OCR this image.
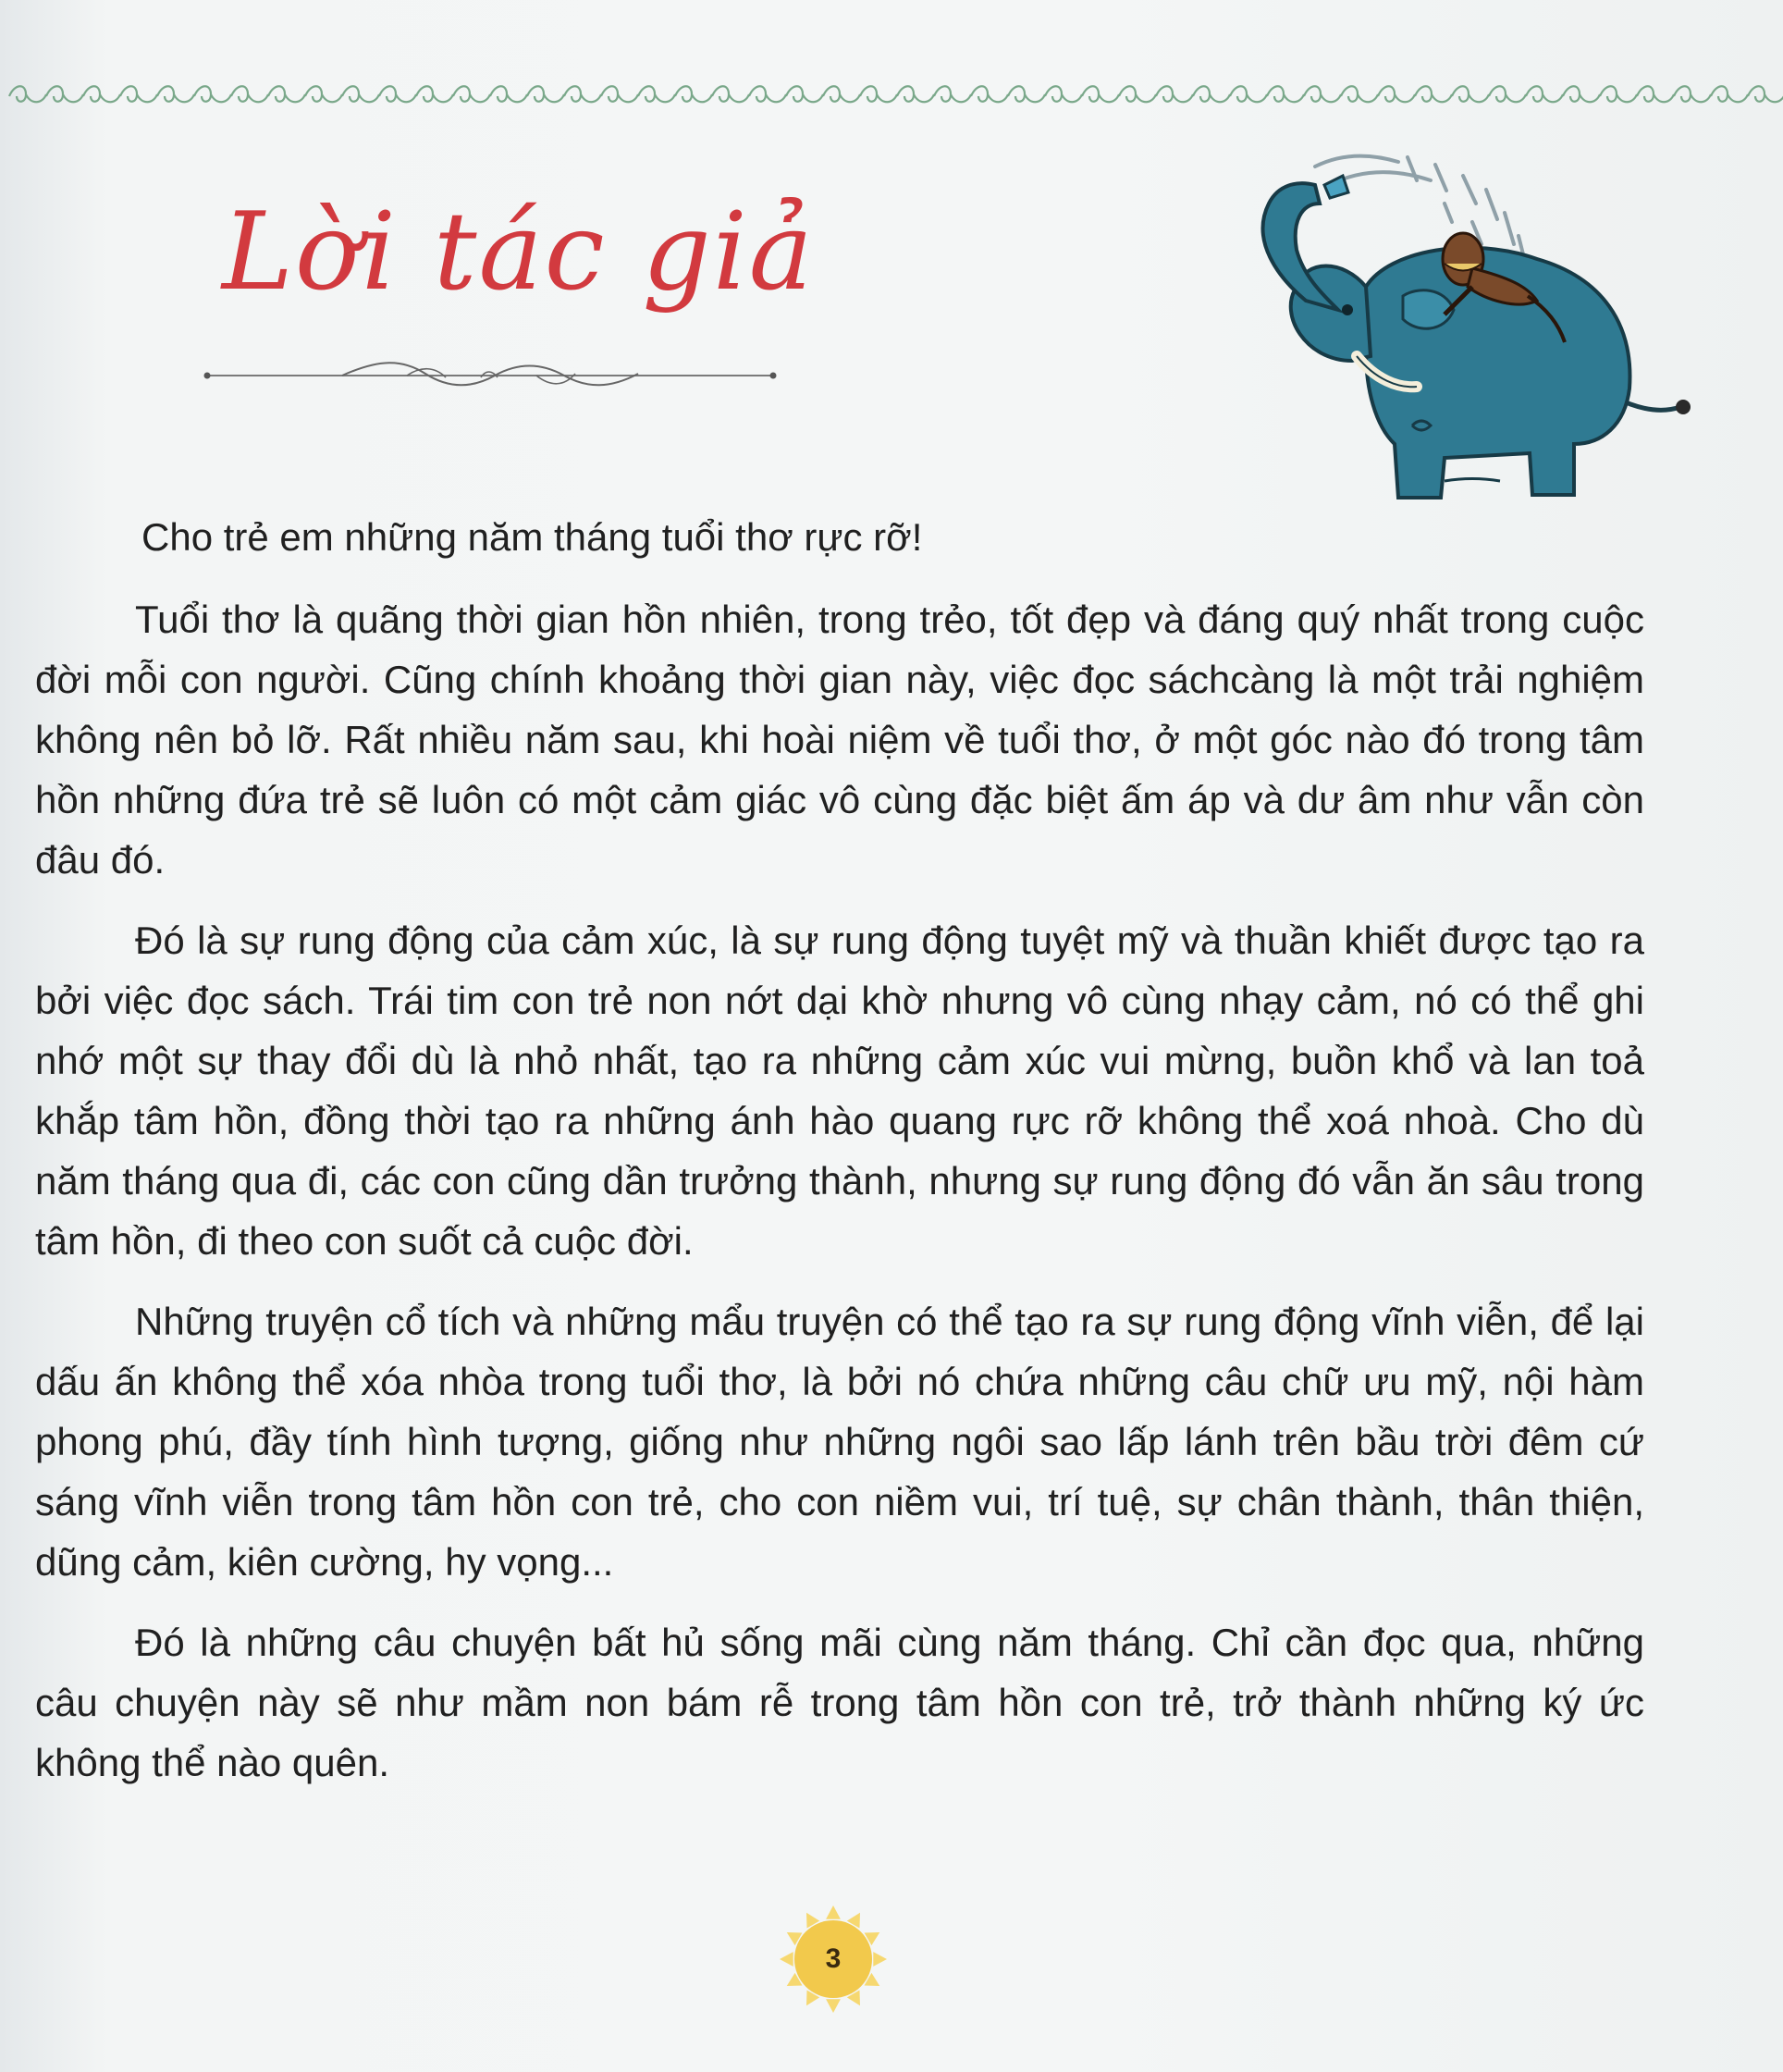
Lời tác giả

Cho trẻ em những năm tháng tuổi thơ rực rỡ!

Tuổi thơ là quãng thời gian hồn nhiên, trong trẻo, tốt đẹp và đáng quý nhất trong cuộc đời mỗi con người. Cũng chính khoảng thời gian này, việc đọc sáchcàng là một trải nghiệm không nên bỏ lỡ. Rất nhiều năm sau, khi hoài niệm về tuổi thơ, ở một góc nào đó trong tâm hồn những đứa trẻ sẽ luôn có một cảm giác vô cùng đặc biệt ấm áp và dư âm như vẫn còn đâu đó.

Đó là sự rung động của cảm xúc, là sự rung động tuyệt mỹ và thuần khiết được tạo ra bởi việc đọc sách. Trái tim con trẻ non nớt dại khờ nhưng vô cùng nhạy cảm, nó có thể ghi nhớ một sự thay đổi dù là nhỏ nhất, tạo ra những cảm xúc vui mừng, buồn khổ và lan toả khắp tâm hồn, đồng thời tạo ra những ánh hào quang rực rỡ không thể xoá nhoà. Cho dù năm tháng qua đi, các con cũng dần trưởng thành, nhưng sự rung động đó vẫn ăn sâu trong tâm hồn, đi theo con suốt cả cuộc đời.

Những truyện cổ tích và những mẩu truyện có thể tạo ra sự rung động vĩnh viễn, để lại dấu ấn không thể xóa nhòa trong tuổi thơ, là bởi nó chứa những câu chữ ưu mỹ, nội hàm phong phú, đầy tính hình tượng, giống như những ngôi sao lấp lánh trên bầu trời đêm cứ sáng vĩnh viễn trong tâm hồn con trẻ, cho con niềm vui, trí tuệ, sự chân thành, thân thiện, dũng cảm, kiên cường, hy vọng...

Đó là những câu chuyện bất hủ sống mãi cùng năm tháng. Chỉ cần đọc qua, những câu chuyện này sẽ như mầm non bám rễ trong tâm hồn con trẻ, trở thành những ký ức không thể nào quên.

3
